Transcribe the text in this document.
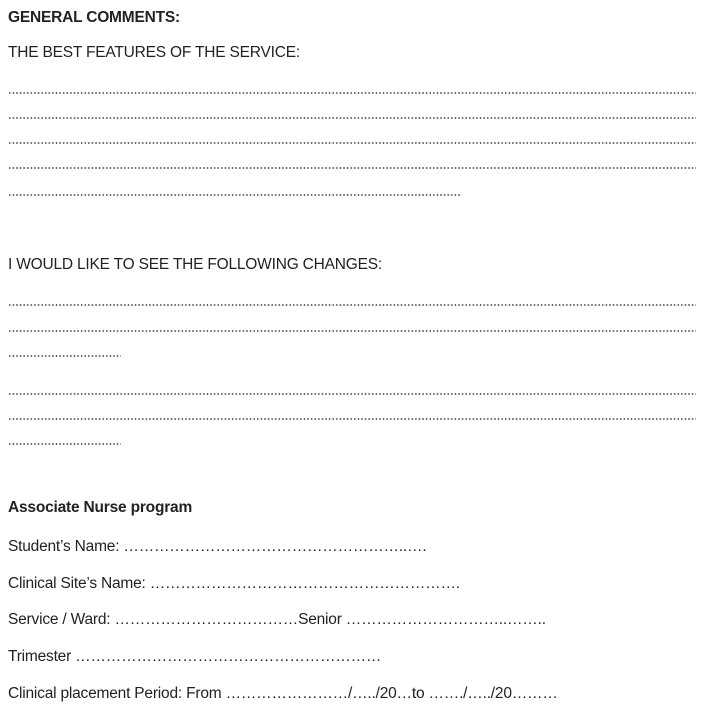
GENERAL COMMENTS:
THE BEST FEATURES OF THE SERVICE:
I WOULD LIKE TO SEE THE FOLLOWING CHANGES:
Associate Nurse program
Student’s Name: ………………………………………………..….
Clinical Site’s Name: …………………………………………………….
Service / Ward: ………………………………Senior …………………………..……..
Trimester ……………………………………………………
Clinical placement Period: From ……………………/…../20…to ……./…../20………
